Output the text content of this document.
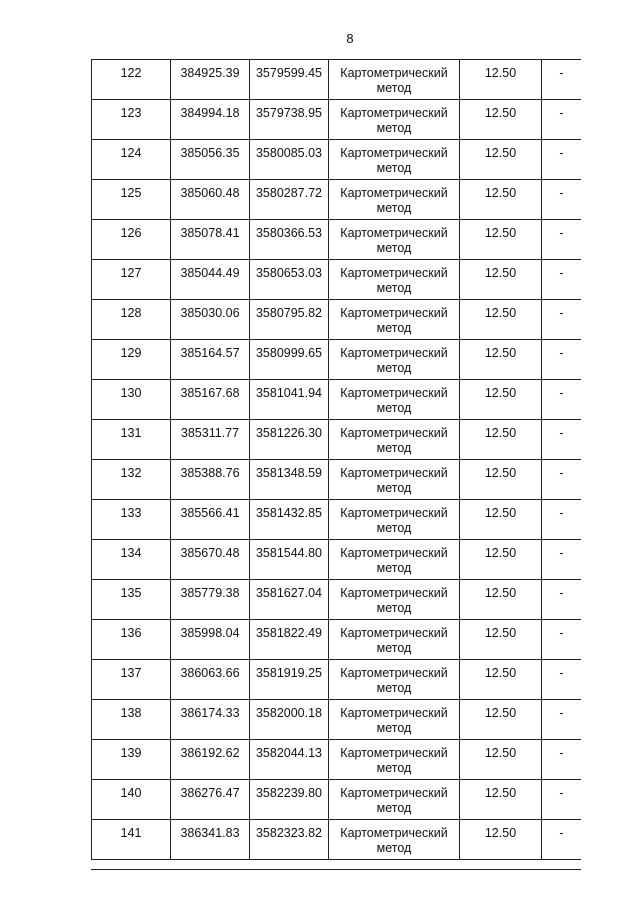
8
122	384925.39	3579599.45	Картометрический метод	12.50	-
123	384994.18	3579738.95	Картометрический метод	12.50	-
124	385056.35	3580085.03	Картометрический метод	12.50	-
125	385060.48	3580287.72	Картометрический метод	12.50	-
126	385078.41	3580366.53	Картометрический метод	12.50	-
127	385044.49	3580653.03	Картометрический метод	12.50	-
128	385030.06	3580795.82	Картометрический метод	12.50	-
129	385164.57	3580999.65	Картометрический метод	12.50	-
130	385167.68	3581041.94	Картометрический метод	12.50	-
131	385311.77	3581226.30	Картометрический метод	12.50	-
132	385388.76	3581348.59	Картометрический метод	12.50	-
133	385566.41	3581432.85	Картометрический метод	12.50	-
134	385670.48	3581544.80	Картометрический метод	12.50	-
135	385779.38	3581627.04	Картометрический метод	12.50	-
136	385998.04	3581822.49	Картометрический метод	12.50	-
137	386063.66	3581919.25	Картометрический метод	12.50	-
138	386174.33	3582000.18	Картометрический метод	12.50	-
139	386192.62	3582044.13	Картометрический метод	12.50	-
140	386276.47	3582239.80	Картометрический метод	12.50	-
141	386341.83	3582323.82	Картометрический метод	12.50	-
